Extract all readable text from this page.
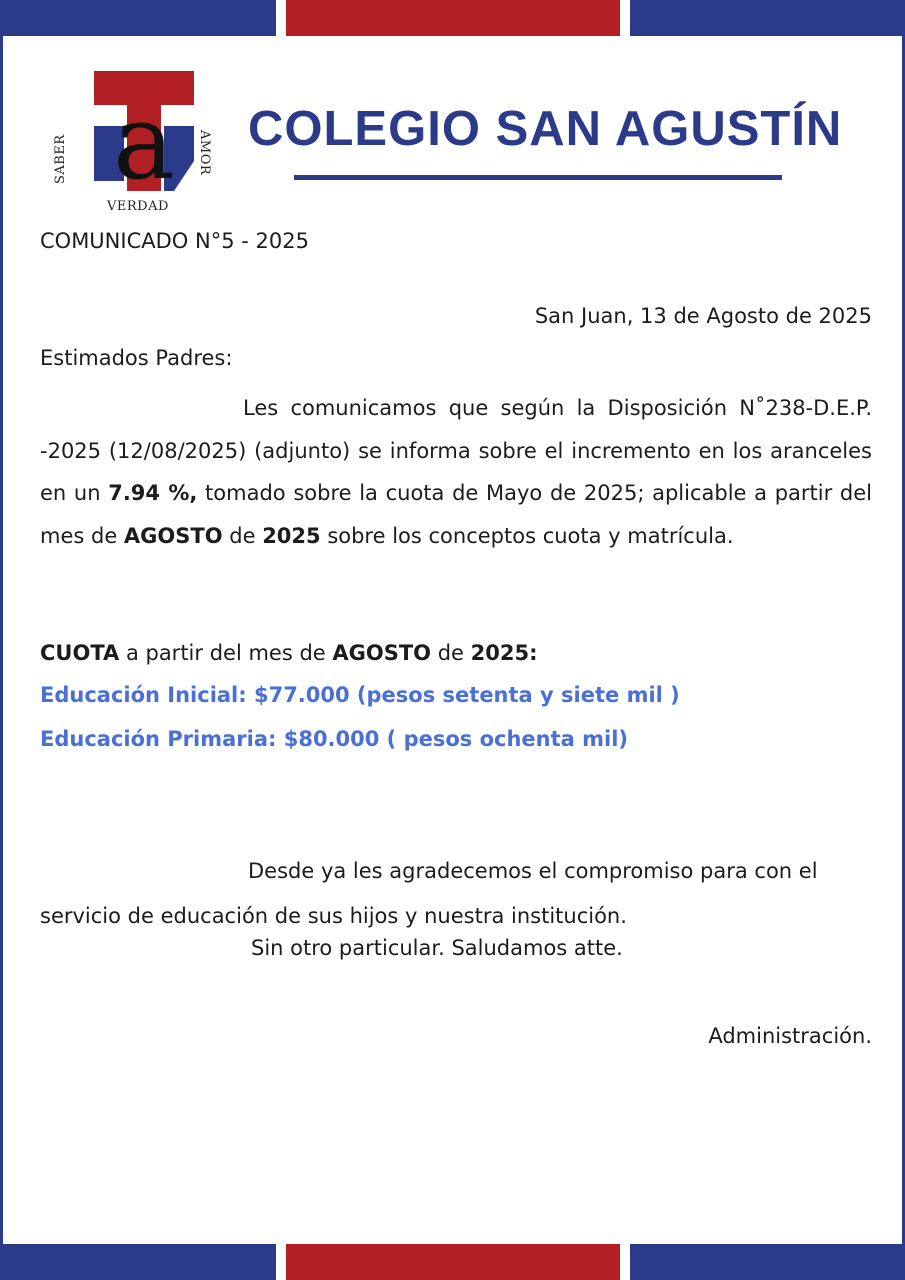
a
SABER	AMOR
VERDAD
COLEGIO SAN AGUSTÍN
COMUNICADO N°5 - 2025
San Juan, 13 de Agosto de 2025
Estimados Padres:

Les comunicamos que según la Disposición N˚238-D.E.P. -2025 (12/08/2025) (adjunto) se informa sobre el incremento en los aranceles en un 7.94 %, tomado sobre la cuota de Mayo de 2025; aplicable a partir del mes de AGOSTO de 2025 sobre los conceptos cuota y matrícula.

CUOTA a partir del mes de AGOSTO de 2025:
Educación Inicial: $77.000 (pesos setenta y siete mil )
Educación Primaria: $80.000 ( pesos ochenta mil)

Desde ya les agradecemos el compromiso para con el servicio de educación de sus hijos y nuestra institución.

Sin otro particular. Saludamos atte.
Administración.
